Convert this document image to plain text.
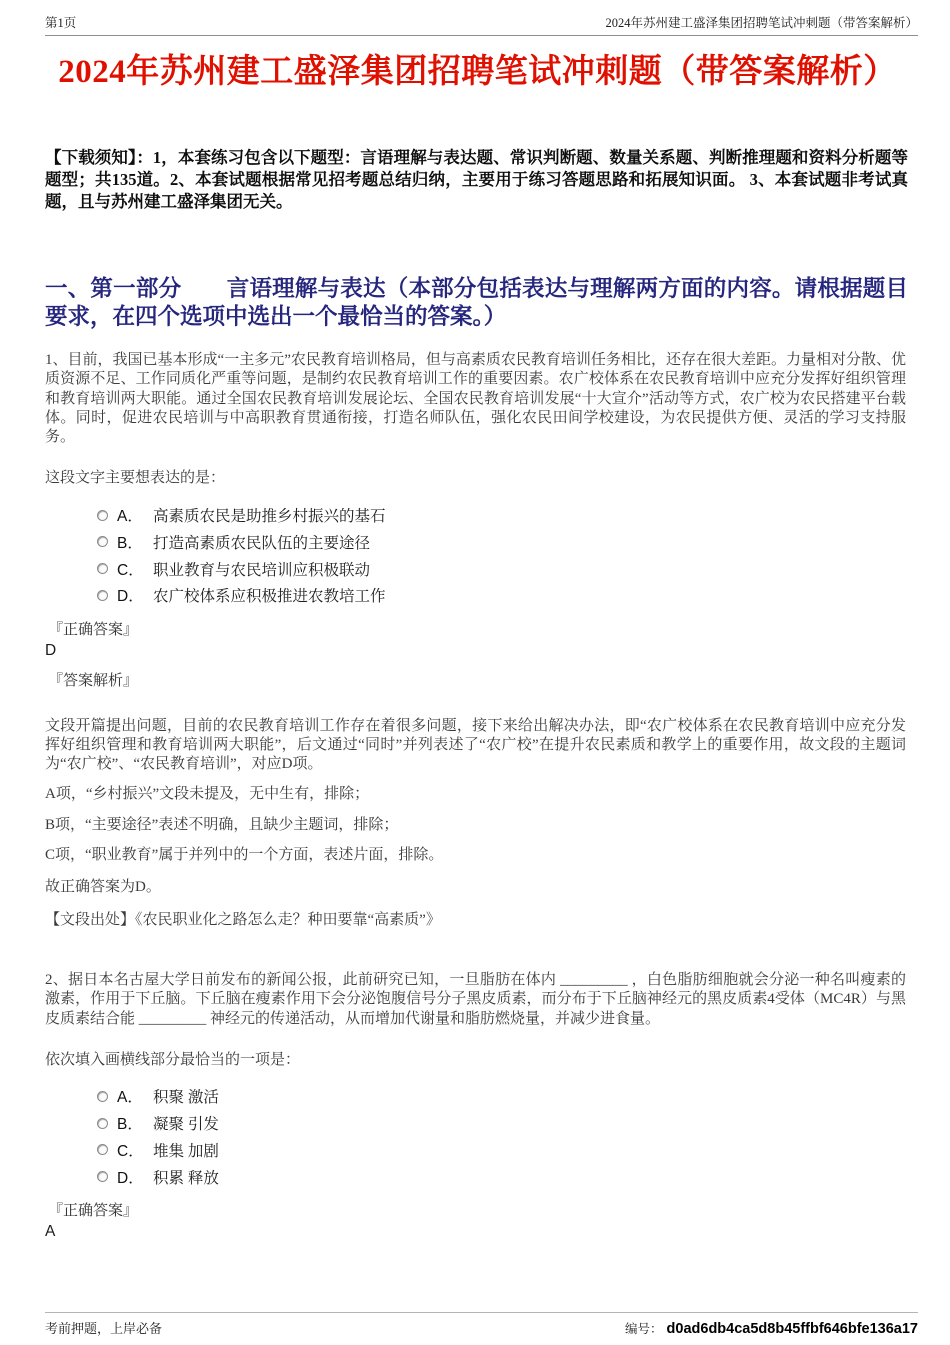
第1页	2024年苏州建工盛泽集团招聘笔试冲刺题（带答案解析）
2024年苏州建工盛泽集团招聘笔试冲刺题（带答案解析）

【下载须知】：1，本套练习包含以下题型：言语理解与表达题、常识判断题、数量关系题、判断推理题和资料分析题等题型；共135道。2、本套试题根据常见招考题总结归纳，主要用于练习答题思路和拓展知识面。 3、本套试题非考试真题，且与苏州建工盛泽集团无关。

一、第一部分　　言语理解与表达（本部分包括表达与理解两方面的内容。请根据题目要求，在四个选项中选出一个最恰当的答案。）

1、目前，我国已基本形成“一主多元”农民教育培训格局，但与高素质农民教育培训任务相比，还存在很大差距。力量相对分散、优质资源不足、工作同质化严重等问题，是制约农民教育培训工作的重要因素。农广校体系在农民教育培训中应充分发挥好组织管理和教育培训两大职能。通过全国农民教育培训发展论坛、全国农民教育培训发展“十大宣介”活动等方式，农广校为农民搭建平台载体。同时，促进农民培训与中高职教育贯通衔接，打造名师队伍，强化农民田间学校建设，为农民提供方便、灵活的学习支持服务。

这段文字主要想表达的是：

A． 高素质农民是助推乡村振兴的基石
B． 打造高素质农民队伍的主要途径
C． 职业教育与农民培训应积极联动
D． 农广校体系应积极推进农教培工作
『正确答案』
D
『答案解析』

文段开篇提出问题，目前的农民教育培训工作存在着很多问题，接下来给出解决办法，即“农广校体系在农民教育培训中应充分发挥好组织管理和教育培训两大职能”，后文通过“同时”并列表述了“农广校”在提升农民素质和教学上的重要作用，故文段的主题词为“农广校”、“农民教育培训”，对应D项。

A项，“乡村振兴”文段未提及，无中生有，排除；

B项，“主要途径”表述不明确，且缺少主题词，排除；

C项，“职业教育”属于并列中的一个方面，表述片面，排除。

故正确答案为D。

【文段出处】《农民职业化之路怎么走？种田要靠“高素质”》

2、据日本名古屋大学日前发布的新闻公报，此前研究已知，一旦脂肪在体内 _________ ，白色脂肪细胞就会分泌一种名叫瘦素的激素，作用于下丘脑。下丘脑在瘦素作用下会分泌饱腹信号分子黑皮质素，而分布于下丘脑神经元的黑皮质素4受体（MC4R）与黑皮质素结合能 _________ 神经元的传递活动，从而增加代谢量和脂肪燃烧量，并减少进食量。

依次填入画横线部分最恰当的一项是：

A． 积聚 激活
B． 凝聚 引发
C． 堆集 加剧
D． 积累 释放
『正确答案』
A
考前押题，上岸必备	编号： d0ad6db4ca5d8b45ffbf646bfe136a17
